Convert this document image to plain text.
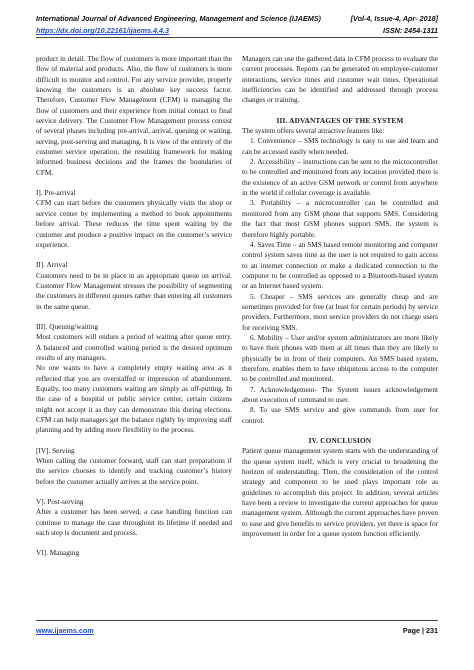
International Journal of Advanced Engineering, Management and Science (IJAEMS)	[Vol-4, Issue-4, Apr- 2018]
https://dx.doi.org/10.22161/ijaems.4.4.3	ISSN: 2454-1311

product in detail. The flow of customers is more important than the flow of material and products. Also, the flow of customers is more difficult to monitor and control. For any service provider, properly knowing the customers is an absolute key success factor. Therefore, Customer Flow Management (CFM) is managing the flow of customers and their experience from initial contact to final service delivery. The Customer Flow Management process consist of several phases including pre-arrival, arrival, queuing or waiting, serving, post-serving and managing. It is view of the entirety of the customer service operation, the resulting framework for making informed business decisions and the frames the boundaries of CFM.

I]. Pre-arrival

CFM can start before the customers physically visits the shop or service center by implementing a method to book appointments before arrival. These reduces the time spent waiting by the customer and produce a positive impact on the customer’s service experience.

II]. Arrival

Customers need to be in place in an appropriate queue on arrival. Customer Flow Management stresses the possibility of segmenting the customers in different queues rather than entering all customers in the same queue.

III]. Queuing/waiting

Most customers will endure a period of waiting after queue entry. A balanced and controlled waiting period is the desired optimum results of any managers.

No one wants to have a completely empty waiting area as it reflected that you are overstaffed or impression of abandonment. Equally, too many customers waiting are simply as off-putting. In the case of a hospital or public service center, certain citizens might not accept it as they can demonstrate this during elections. CFM can help managers get the balance rightly by improving staff planning and by adding more flexibility to the process.

[IV]. Serving

When calling the customer forward, staff can start preparations if the service chooses to identify and tracking customer’s history before the customer actually arrives at the service point.

V]. Post-serving

After a customer has been served, a case handling function can continue to manage the case throughout its lifetime if needed and each step is document and process.

VI]. Managing

Managers can use the gathered data in CFM process to evaluate the current processes. Reports can be generated on employee-customer interactions, service times and customer wait times. Operational inefficiencies can be identified and addressed through process changes or training.

III. ADVANTAGES OF THE SYSTEM

The system offers several attractive features like:

1. Convenience – SMS technology is easy to use and learn and can be accessed easily when needed.

2. Accessibility – instructions can be sent to the microcontroller to be controlled and monitored from any location provided there is the existence of an active GSM network or control from anywhere in the world if cellular coverage is available.

3. Portability – a microcontroller can be controlled and monitored from any GSM phone that supports SMS. Considering the fact that most GSM phones support SMS, the system is therefore highly portable.

4. Saves Time – an SMS based remote monitoring and computer control system saves time as the user is not required to gain access to an internet connection or make a dedicated connection to the computer to be controlled as opposed to a Bluetooth-based system or an Internet based system.

5. Cheaper – SMS services are generally cheap and are sometimes provided for free (at least for certain periods) by service providers. Furthermore, most service providers do not charge users for receiving SMS.

6. Mobility – User and/or system administrators are more likely to have their phones with them at all times than they are likely to physically be in front of their computers. An SMS based system, therefore, enables them to have ubiquitous access to the computer to be controlled and monitored.

7. Acknowledgement- The System issues acknowledgement about execution of command to user.

8. To use SMS service and give commands from user for control.

IV. CONCLUSION

Patient queue management system starts with the understanding of the queue system itself, which is very crucial to broadening the horizon of understanding. Then, the consideration of the control strategy and component to be used plays important role as guidelines to accomplish this project. In addition, several articles have been a review to investigate the current approaches for queue management system. Although the current approaches have proven to ease and give benefits to service providers, yet there is space for improvement in order for a queue system function efficiently.

www.ijaems.com	Page | 231
